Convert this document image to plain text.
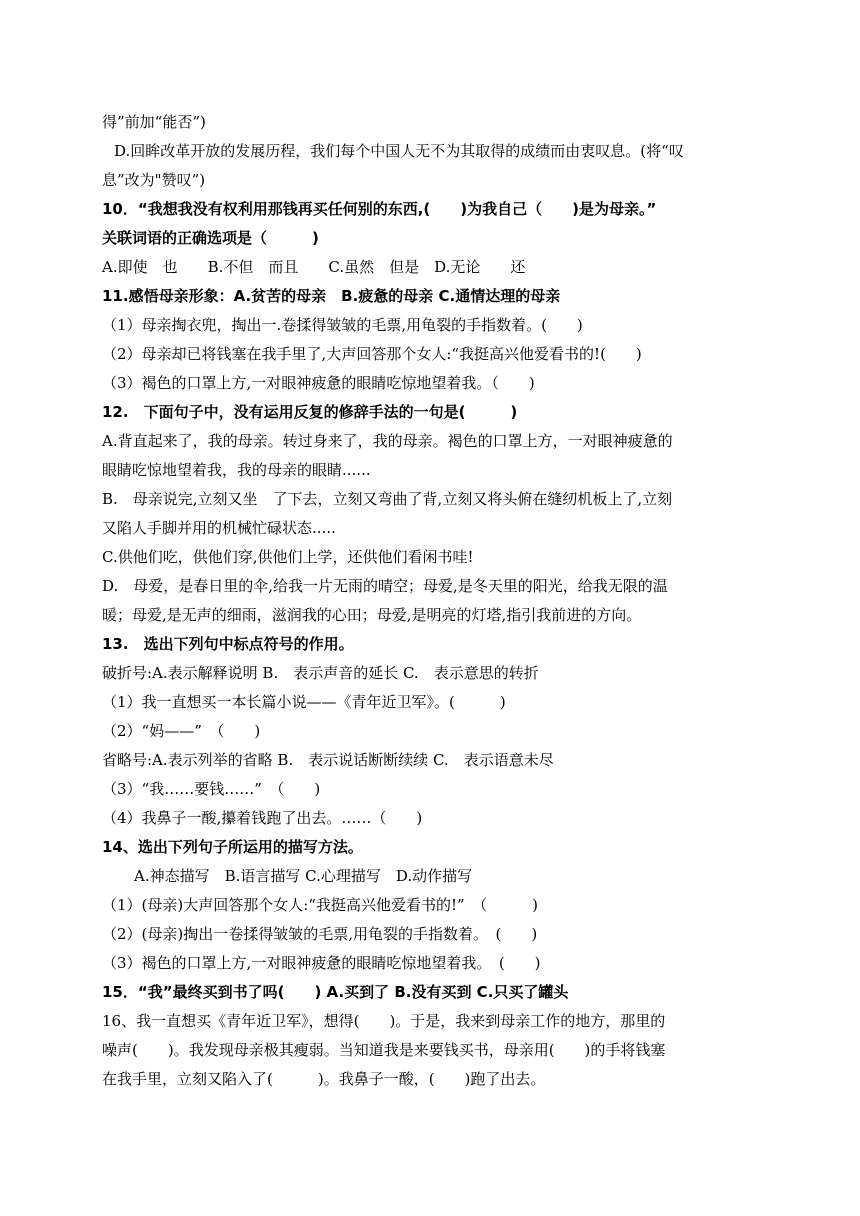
得”前加“能否”)
D.回眸改革开放的发展历程，我们每个中国人无不为其取得的成绩而由衷叹息。(将“叹
息”改为"赞叹”)
10．“我想我没有权利用那钱再买任何别的东西,(　　)为我自己（　　)是为母亲。”
关联词语的正确选项是（　　　)
A.即使　也　　B.不但　而且　　C.虽然　但是　D.无论　　还
11.感悟母亲形象：A.贫苦的母亲　B.疲惫的母亲 C.通情达理的母亲
（1）母亲掏衣兜，掏出一.卷揉得皱皱的毛票,用龟裂的手指数着。(　　)
（2）母亲却已将钱塞在我手里了,大声回答那个女人:“我挺高兴他爱看书的!(　　)
（3）褐色的口罩上方,一对眼神疲惫的眼睛吃惊地望着我。（　　)
12.　下面句子中，没有运用反复的修辞手法的一句是(　　　)
A.背直起来了，我的母亲。转过身来了，我的母亲。褐色的口罩上方，一对眼神疲惫的
眼睛吃惊地望着我，我的母亲的眼睛......
B.　母亲说完,立刻又坐　了下去，立刻又弯曲了背,立刻又将头俯在缝纫机板上了,立刻
又陷人手脚并用的机械忙碌状态.....
C.供他们吃，供他们穿,供他们上学，还供他们看闲书哇!
D.　母爱，是春日里的伞,给我一片无雨的晴空；母爱,是冬天里的阳光，给我无限的温
暖；母爱,是无声的细雨，滋润我的心田；母爱,是明亮的灯塔,指引我前进的方向。
13.　选出下列句中标点符号的作用。
破折号:A.表示解释说明 B.　表示声音的延长 C.　表示意思的转折
（1）我一直想买一本长篇小说——《青年近卫军》。(　　　)
（2）“妈——”　（　　)
省略号:A.表示列举的省略 B.　表示说话断断续续 C.　表示语意未尽
（3）“我……要钱……”　（　　)
（4）我鼻子一酸,攥着钱跑了出去。……（　　)
14、选出下列句子所运用的描写方法。
A.神态描写　B.语言描写 C.心理描写　D.动作描写
（1）(母亲)大声回答那个女人:“我挺高兴他爱看书的!”　（　　　)
（2）(母亲)掏出一卷揉得皱皱的毛票,用龟裂的手指数着。　(　　)
（3）褐色的口罩上方,一对眼神疲惫的眼睛吃惊地望着我。　(　　)
15．“我”最终买到书了吗(　　) A.买到了 B.没有买到 C.只买了罐头
16、我一直想买《青年近卫军》，想得(　　)。于是，我来到母亲工作的地方，那里的
噪声(　　)。我发现母亲极其瘦弱。当知道我是来要钱买书，母亲用(　　)的手将钱塞
在我手里，立刻又陷入了(　　　)。我鼻子一酸，(　　)跑了出去。
